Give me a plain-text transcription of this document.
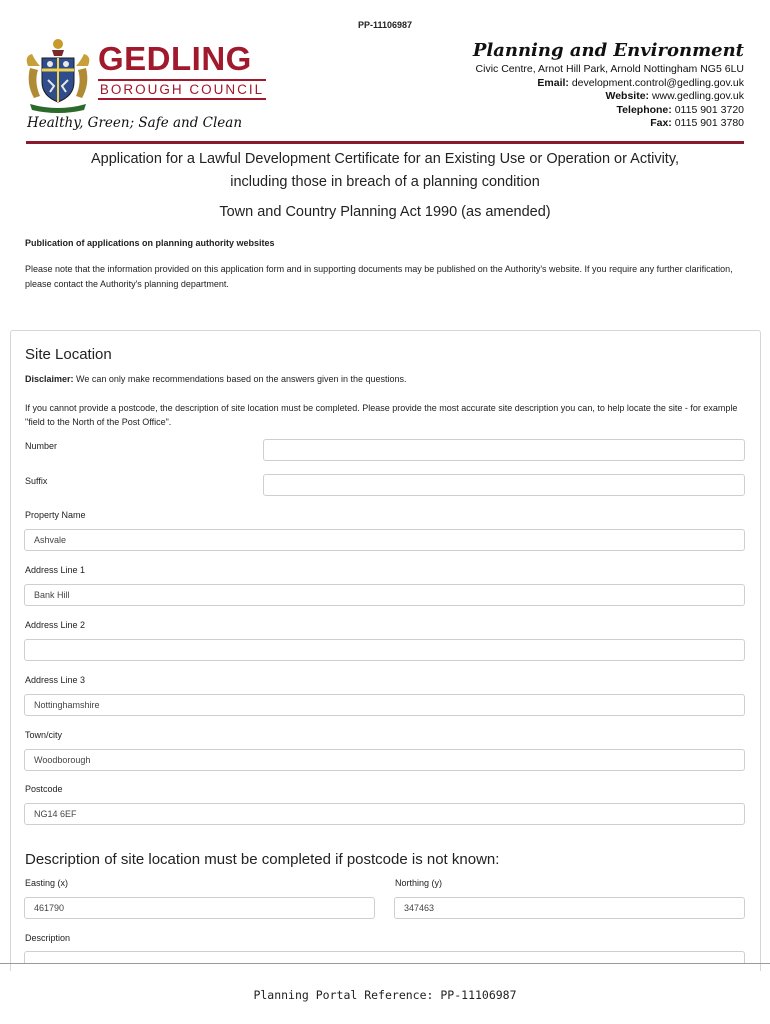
PP-11106987
GEDLING
BOROUGH COUNCIL
Healthy, Green; Safe and Clean
Planning and Environment
Civic Centre, Arnot Hill Park, Arnold Nottingham NG5 6LU
Email: development.control@gedling.gov.uk
Website: www.gedling.gov.uk
Telephone: 0115 901 3720
Fax: 0115 901 3780
Application for a Lawful Development Certificate for an Existing Use or Operation or Activity,
including those in breach of a planning condition
Town and Country Planning Act 1990 (as amended)
Publication of applications on planning authority websites
Please note that the information provided on this application form and in supporting documents may be published on the Authority's website. If you require any further clarification, please contact the Authority's planning department.
Site Location
Disclaimer: We can only make recommendations based on the answers given in the questions.
If you cannot provide a postcode, the description of site location must be completed. Please provide the most accurate site description you can, to help locate the site - for example "field to the North of the Post Office".
Number
Suffix
Property Name
Ashvale
Address Line 1
Bank Hill
Address Line 2
Address Line 3
Nottinghamshire
Town/city
Woodborough
Postcode
NG14 6EF
Description of site location must be completed if postcode is not known:
Easting (x)
461790
Northing (y)
347463
Description
Planning Portal Reference: PP-11106987
